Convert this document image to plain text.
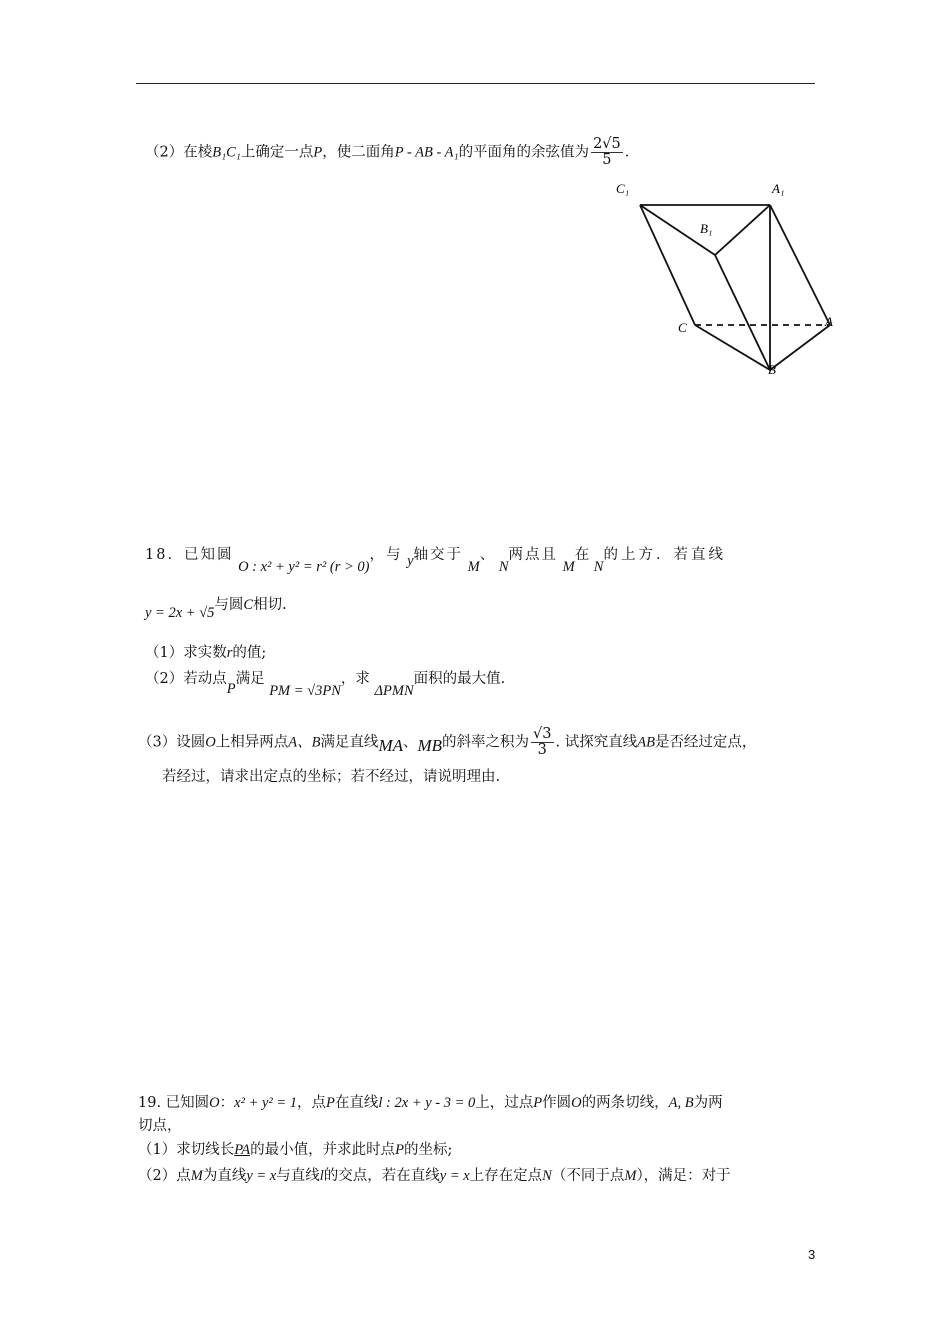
（2）在棱B₁C₁上确定一点P，使二面角P - AB - A₁的平面角的余弦值为 $\frac{2√5}{5}$ ．
C₁	A₁
B₁
C	A
B
18．已知圆 O : x² + y² = r² (r > 0)，与 y轴交于 M、 N两点且 M在 N的上方．若直线
y = 2x + √5与圆C相切.
（1）求实数r的值;
（2）若动点P满足 PM = √3PN，求 ΔPMN面积的最大值.
（3）设圆O上相异两点A、B满足直线MA、MB的斜率之积为 $\frac{√3}{3}$ . 试探究直线AB是否经过定点，
若经过，请求出定点的坐标；若不经过，请说明理由.
19. 已知圆O：x² + y² = 1，点P在直线l : 2x + y - 3 = 0上，过点P作圆O的两条切线，A, B为两
切点，
（1）求切线长PA的最小值，并求此时点P的坐标;
（2）点M为直线y = x与直线l的交点，若在直线y = x上存在定点N（不同于点M），满足：对于
3
